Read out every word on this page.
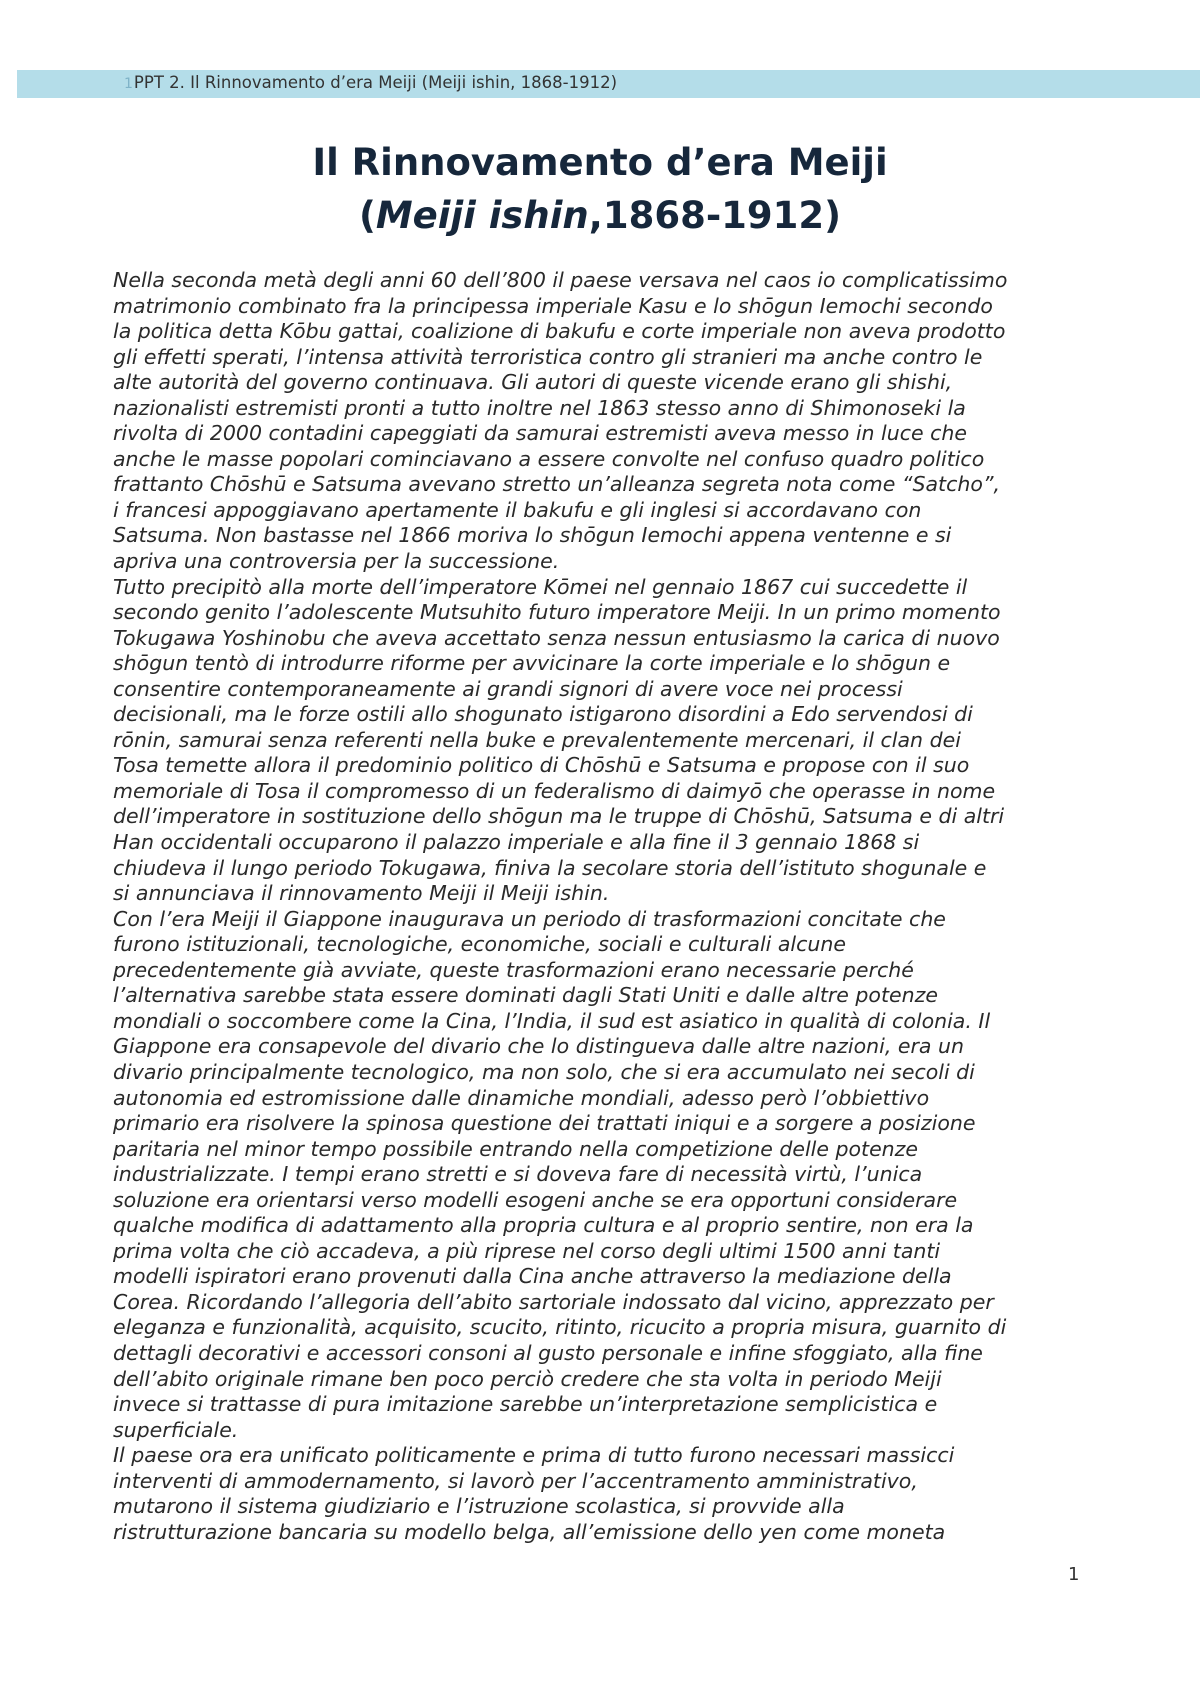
1PPT 2. Il Rinnovamento d’era Meiji (Meiji ishin, 1868-1912)
Il Rinnovamento d’era Meiji
(Meiji ishin,1868-1912)
Nella seconda metà degli anni 60 dell’800 il paese versava nel caos io complicatissimo
matrimonio combinato fra la principessa imperiale Kasu e lo shōgun Iemochi secondo
la politica detta Kōbu gattai, coalizione di bakufu e corte imperiale non aveva prodotto
gli effetti sperati, l’intensa attività terroristica contro gli stranieri ma anche contro le
alte autorità del governo continuava. Gli autori di queste vicende erano gli shishi,
nazionalisti estremisti pronti a tutto inoltre nel 1863 stesso anno di Shimonoseki la
rivolta di 2000 contadini capeggiati da samurai estremisti aveva messo in luce che
anche le masse popolari cominciavano a essere convolte nel confuso quadro politico
frattanto Chōshū e Satsuma avevano stretto un’alleanza segreta nota come “Satcho”,
i francesi appoggiavano apertamente il bakufu e gli inglesi si accordavano con
Satsuma. Non bastasse nel 1866 moriva lo shōgun Iemochi appena ventenne e si
apriva una controversia per la successione.
Tutto precipitò alla morte dell’imperatore Kōmei nel gennaio 1867 cui succedette il
secondo genito l’adolescente Mutsuhito futuro imperatore Meiji. In un primo momento
Tokugawa Yoshinobu che aveva accettato senza nessun entusiasmo la carica di nuovo
shōgun tentò di introdurre riforme per avvicinare la corte imperiale e lo shōgun e
consentire contemporaneamente ai grandi signori di avere voce nei processi
decisionali, ma le forze ostili allo shogunato istigarono disordini a Edo servendosi di
rōnin, samurai senza referenti nella buke e prevalentemente mercenari, il clan dei
Tosa temette allora il predominio politico di Chōshū e Satsuma e propose con il suo
memoriale di Tosa il compromesso di un federalismo di daimyō che operasse in nome
dell’imperatore in sostituzione dello shōgun ma le truppe di Chōshū, Satsuma e di altri
Han occidentali occuparono il palazzo imperiale e alla fine il 3 gennaio 1868 si
chiudeva il lungo periodo Tokugawa, finiva la secolare storia dell’istituto shogunale e
si annunciava il rinnovamento Meiji il Meiji ishin.
Con l’era Meiji il Giappone inaugurava un periodo di trasformazioni concitate che
furono istituzionali, tecnologiche, economiche, sociali e culturali alcune
precedentemente già avviate, queste trasformazioni erano necessarie perché
l’alternativa sarebbe stata essere dominati dagli Stati Uniti e dalle altre potenze
mondiali o soccombere come la Cina, l’India, il sud est asiatico in qualità di colonia. Il
Giappone era consapevole del divario che lo distingueva dalle altre nazioni, era un
divario principalmente tecnologico, ma non solo, che si era accumulato nei secoli di
autonomia ed estromissione dalle dinamiche mondiali, adesso però l’obbiettivo
primario era risolvere la spinosa questione dei trattati iniqui e a sorgere a posizione
paritaria nel minor tempo possibile entrando nella competizione delle potenze
industrializzate. I tempi erano stretti e si doveva fare di necessità virtù, l’unica
soluzione era orientarsi verso modelli esogeni anche se era opportuni considerare
qualche modifica di adattamento alla propria cultura e al proprio sentire, non era la
prima volta che ciò accadeva, a più riprese nel corso degli ultimi 1500 anni tanti
modelli ispiratori erano provenuti dalla Cina anche attraverso la mediazione della
Corea. Ricordando l’allegoria dell’abito sartoriale indossato dal vicino, apprezzato per
eleganza e funzionalità, acquisito, scucito, ritinto, ricucito a propria misura, guarnito di
dettagli decorativi e accessori consoni al gusto personale e infine sfoggiato, alla fine
dell’abito originale rimane ben poco perciò credere che sta volta in periodo Meiji
invece si trattasse di pura imitazione sarebbe un’interpretazione semplicistica e
superficiale.
Il paese ora era unificato politicamente e prima di tutto furono necessari massicci
interventi di ammodernamento, si lavorò per l’accentramento amministrativo,
mutarono il sistema giudiziario e l’istruzione scolastica, si provvide alla
ristrutturazione bancaria su modello belga, all’emissione dello yen come moneta
1
